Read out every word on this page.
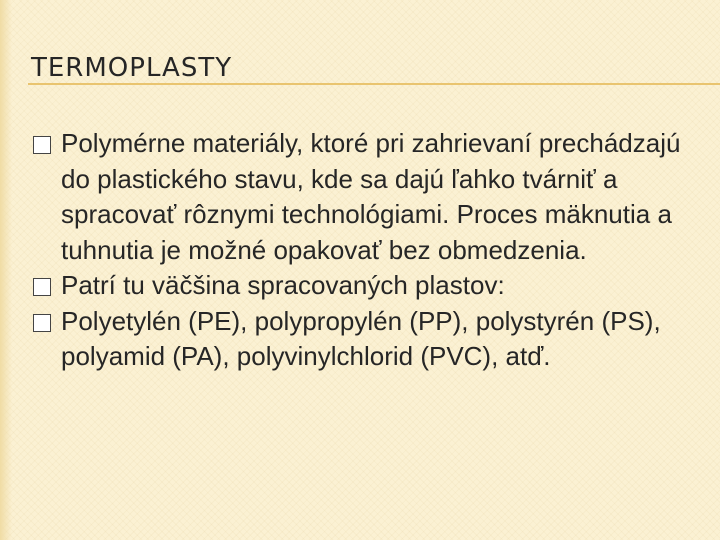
TERMOPLASTY
Polymérne materiály, ktoré pri zahrievaní prechádzajú do plastického stavu, kde sa dajú ľahko tvárniť a spracovať rôznymi technológiami. Proces mäknutia a tuhnutia je možné opakovať bez obmedzenia.
Patrí tu väčšina spracovaných plastov:
Polyetylén (PE), polypropylén (PP), polystyrén (PS), polyamid (PA), polyvinylchlorid (PVC), atď.
